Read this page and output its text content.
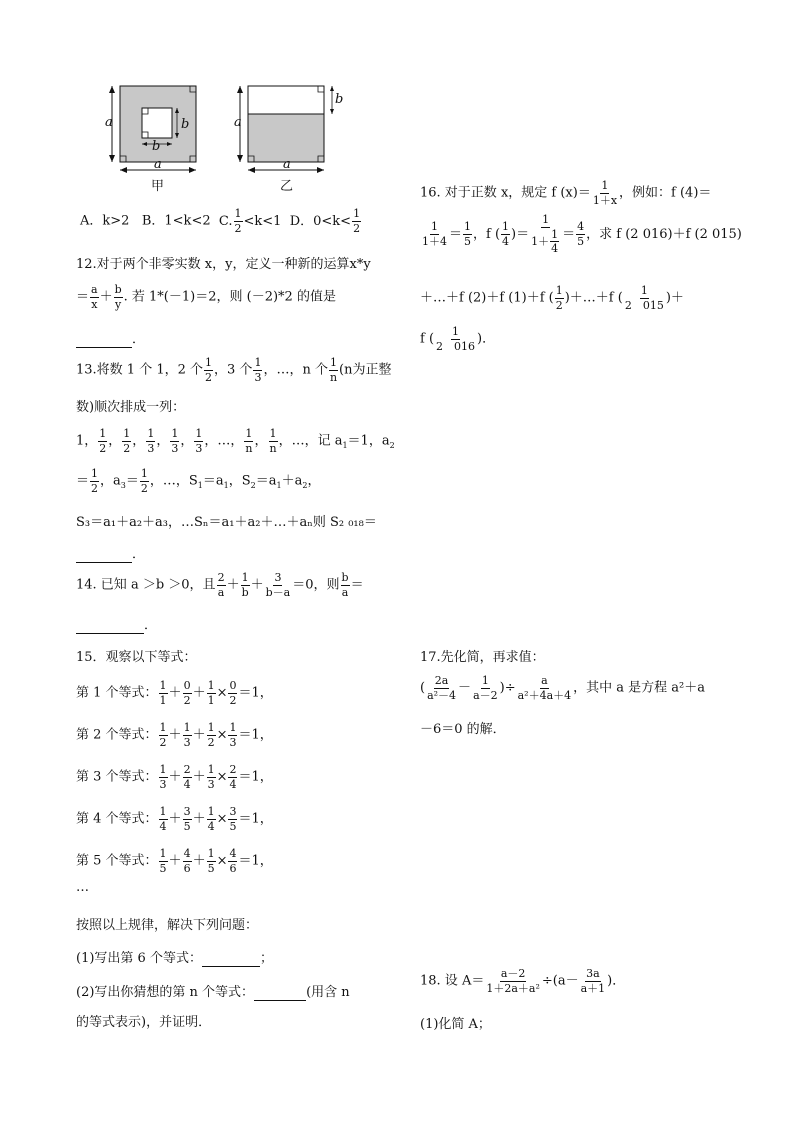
a	b
b
a
甲
a
b
a
乙
A．k>2 B．1<k<2 C. $\frac{1}{2} <k<1$ D．$0<k< \frac{1}{2}$
12.对于两个非零实数 x，y，定义一种新的运算x*y
＝ $\frac{a}{x} + \frac{b}{y}$ . 若 1*(－1)＝2，则 (－2)*2 的值是
．
13.将数 1 个 1，2 个 $\frac{1}{2}$ ，3 个 $\frac{1}{3}$ ，…，n 个 $\frac{1}{n} (n$为正整
数)顺次排成一列：
1， $\frac{1}{2}$ ， $\frac{1}{2}$ ， $\frac{1}{3}$ ， $\frac{1}{3}$ ， $\frac{1}{3}$ ，…， $\frac{1}{n}$ ， $\frac{1}{n}$ ，…，记 $a_1=1$，$a_2$
＝ $\frac{1}{2}$ ，$a_3= \frac{1}{2}$ ，…，$S_1=a_1$，$S_2=a_1+a_2$，
S₃＝a₁＋a₂＋a₃，…Sₙ＝a₁＋a₂＋…＋aₙ则 S₂ ₀₁₈＝
．
14. 已知 a ＞b ＞0，且 $\frac{2}{a} + \frac{1}{b} + \frac{3}{b-a} =0$，则 $\frac{b}{a}$ ＝
．
15．观察以下等式：
第 1 个等式： $\frac{1}{1} + \frac{0}{2} + \frac{1}{1} \times \frac{0}{2} =1$，
第 2 个等式： $\frac{1}{2} + \frac{1}{3} + \frac{1}{2} \times \frac{1}{3} =1$，
第 3 个等式： $\frac{1}{3} + \frac{2}{4} + \frac{1}{3} \times \frac{2}{4} =1$，
第 4 个等式： $\frac{1}{4} + \frac{3}{5} + \frac{1}{4} \times \frac{3}{5} =1$，
第 5 个等式： $\frac{1}{5} + \frac{4}{6} + \frac{1}{5} \times \frac{4}{6} =1$，
…
按照以上规律，解决下列问题：
(1)写出第 6 个等式：	；
(2)写出你猜想的第 n 个等式：	(用含 n
的等式表示)，并证明．
16. 对于正数 x，规定 f $(x)= \frac{1}{1+x}$ ，例如：f (4)＝
$\frac{1}{1+4} = \frac{1}{5}$ ，f ( $\frac{1}{4}$ )＝ $\frac{1}{1+ \frac{1}{4}} = \frac{4}{5}$ ，求 f (2 016)＋f (2 015)
＋…＋f (2)＋f (1)＋f ( $\frac{1}{2}$ )＋…＋f ( $\frac{1}{2 015}$ )＋
f ( $\frac{1}{2 016}$ )．
17.先化简，再求值：
( $\frac{2a}{\text{a²－4}} - \frac{1}{a-2}$ )÷ $\frac{a}{\text{a²＋4a＋4}}$ ，其中 a 是方程 a²＋a
－6＝0 的解．
18. 设 $A= \frac{a-2}{\text{1＋2a＋a²}} \div(a- \frac{3a}{a+1}$ )．
(1)化简 A；
